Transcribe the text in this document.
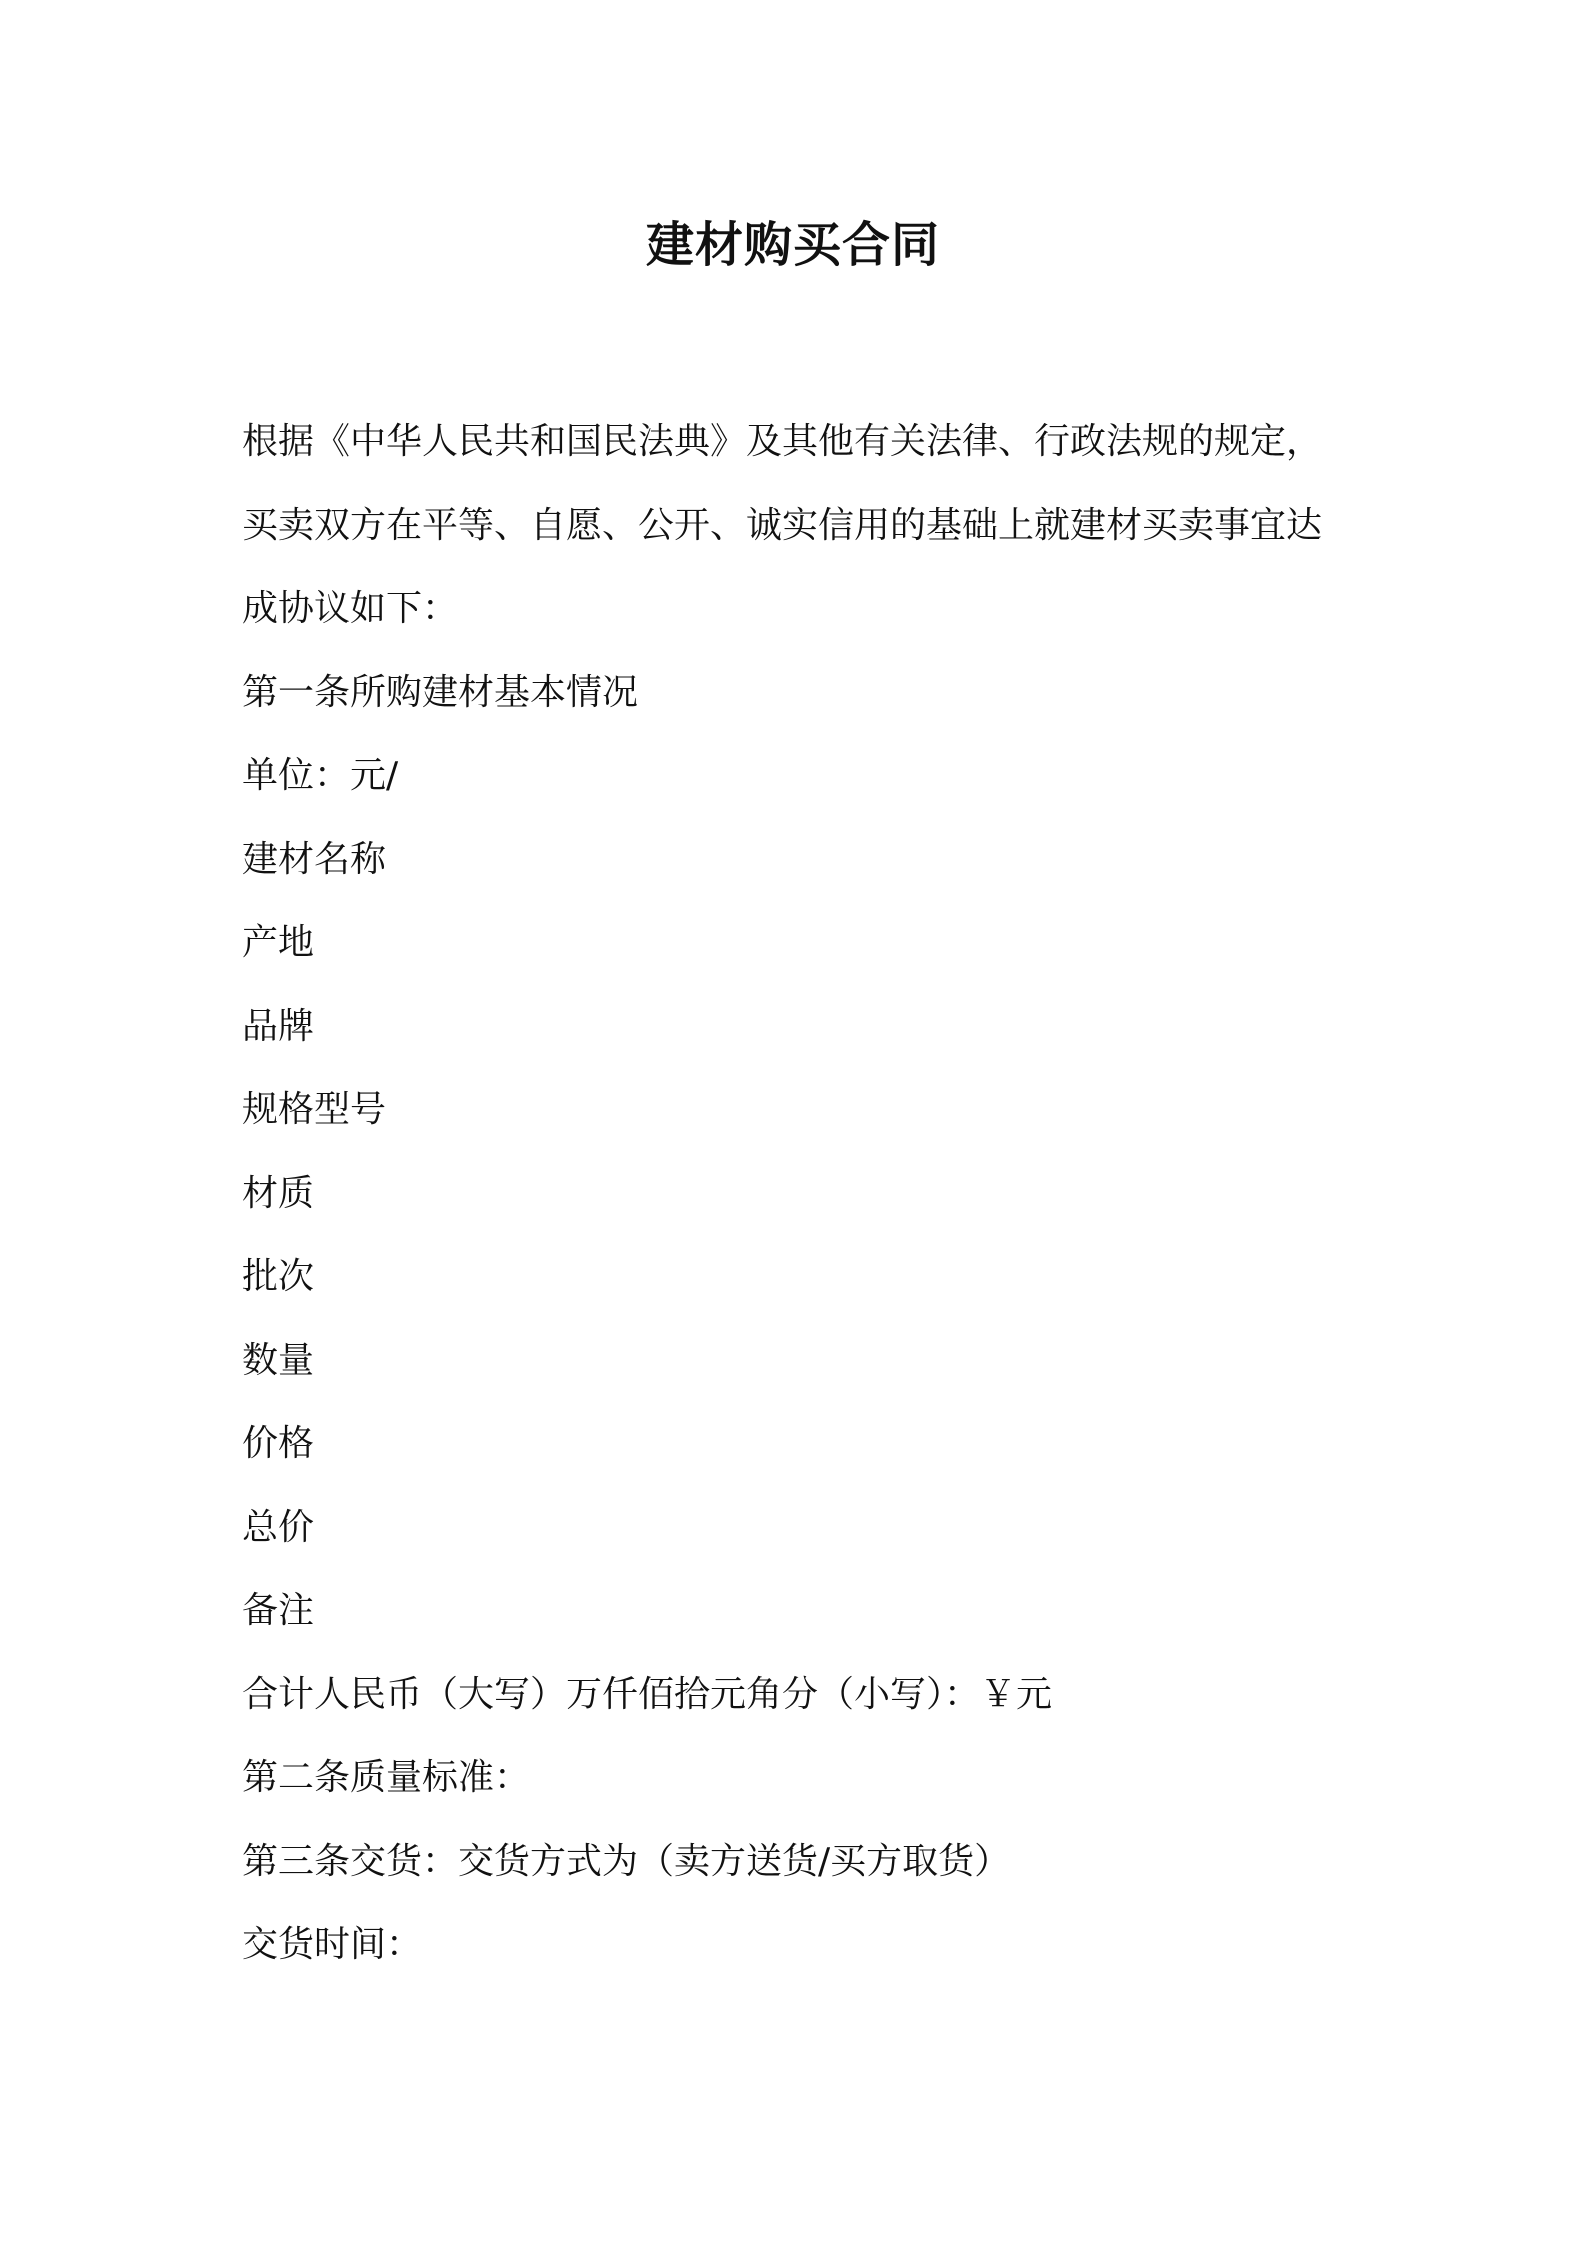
建材购买合同
根据《中华人民共和国民法典》及其他有关法律、行政法规的规定，
买卖双方在平等、自愿、公开、诚实信用的基础上就建材买卖事宜达
成协议如下：
第一条所购建材基本情况
单位：元/
建材名称
产地
品牌
规格型号
材质
批次
数量
价格
总价
备注
合计人民币（大写）万仟佰拾元角分（小写）：￥元
第二条质量标准：
第三条交货：交货方式为（卖方送货/买方取货）
交货时间：
